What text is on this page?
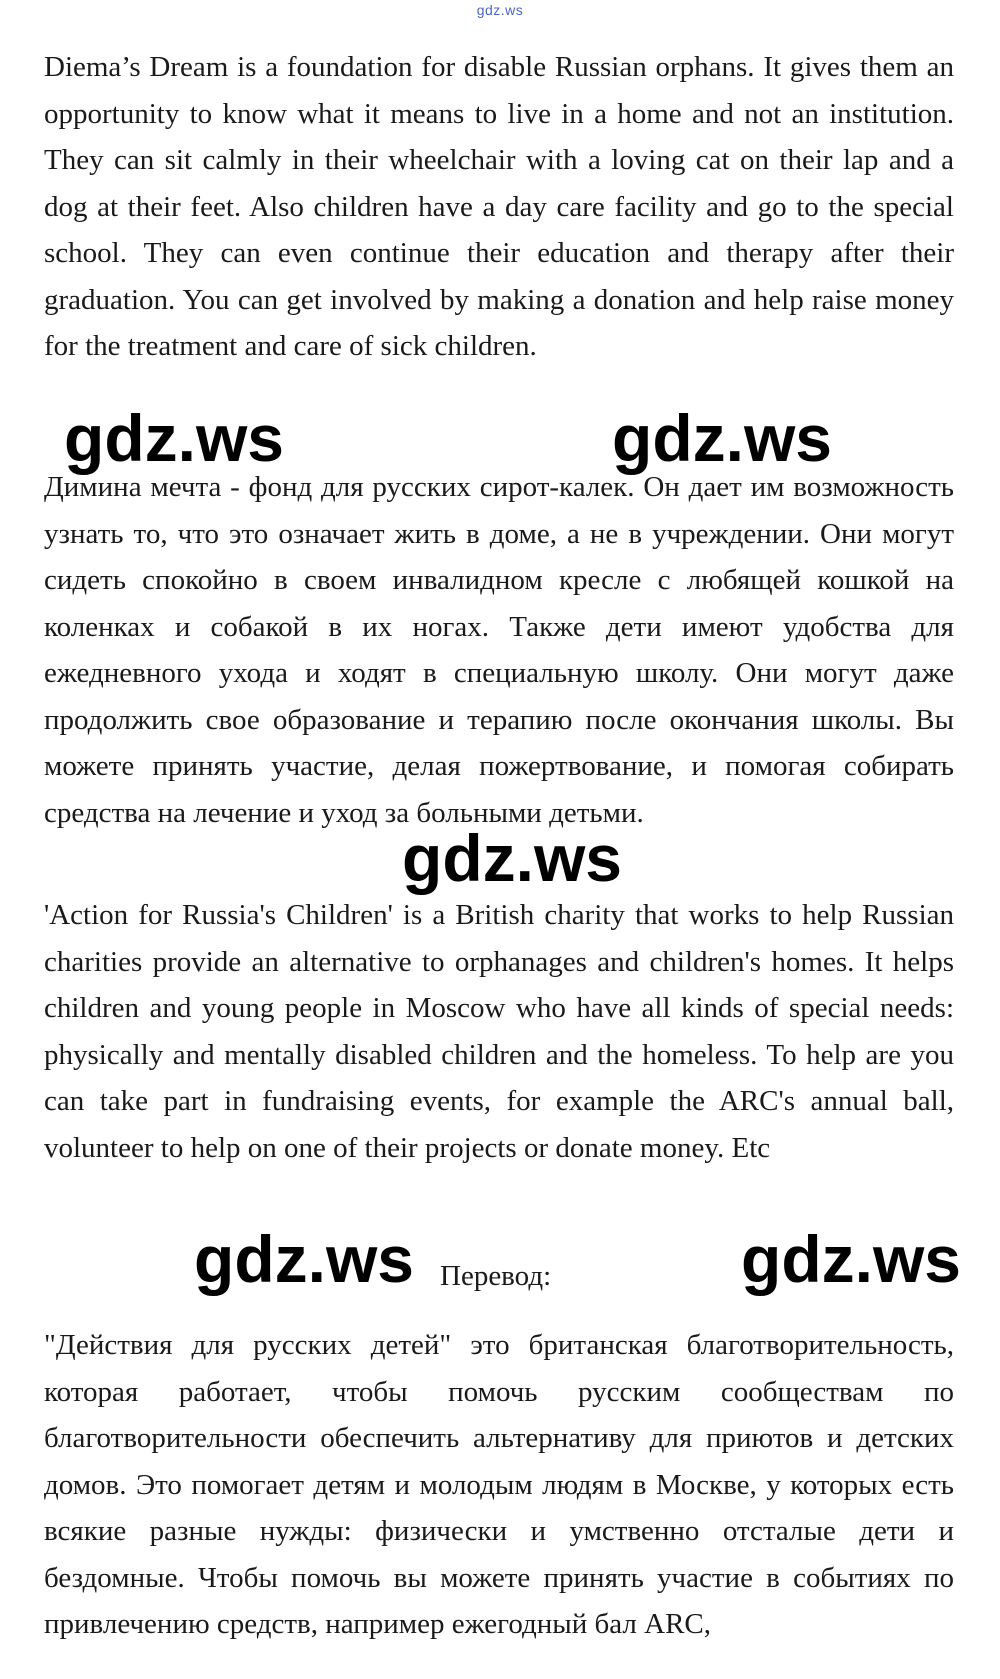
gdz.ws

Diema’s Dream is a foundation for disable Russian orphans. It gives them an opportunity to know what it means to live in a home and not an institution. They can sit calmly in their wheelchair with a loving cat on their lap and a dog at their feet. Also children have a day care facility and go to the special school. They can even continue their education and therapy after their graduation. You can get involved by making a donation and help raise money for the treatment and care of sick children.

gdz.ws	gdz.ws

Димина мечта - фонд для русских сирот-калек. Он дает им возможность узнать то, что это означает жить в доме, а не в учреждении. Они могут сидеть спокойно в своем инвалидном кресле с любящей кошкой на коленках и собакой в их ногах. Также дети имеют удобства для ежедневного ухода и ходят в специальную школу. Они могут даже продолжить свое образование и терапию после окончания школы. Вы можете принять участие, делая пожертвование, и помогая собирать средства на лечение и уход за больными детьми.

gdz.ws

'Action for Russia's Children' is a British charity that works to help Russian charities provide an alternative to orphanages and children's homes. It helps children and young people in Moscow who have all kinds of special needs: physically and mentally disabled children and the homeless. To help are you can take part in fundraising events, for example the ARC's annual ball, volunteer to help on one of their projects or donate money. Etc

gdz.ws Перевод:	gdz.ws

"Действия для русских детей" это британская благотворительность, которая работает, чтобы помочь русским сообществам по благотворительности обеспечить альтернативу для приютов и детских домов. Это помогает детям и молодым людям в Москве, у которых есть всякие разные нужды: физически и умственно отсталые дети и бездомные. Чтобы помочь вы можете принять участие в событиях по привлечению средств, например ежегодный бал ARC,
